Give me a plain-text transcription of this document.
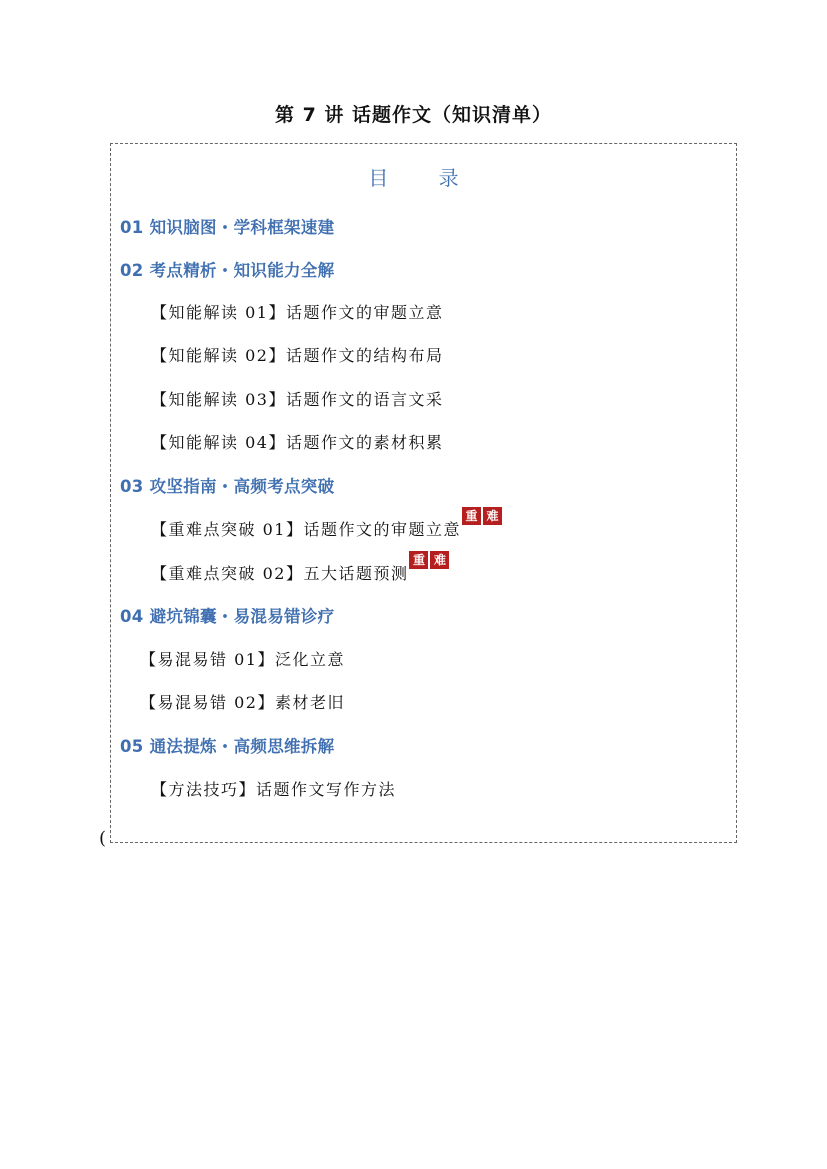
第 7 讲 话题作文（知识清单）
目 录
01 知识脑图・学科框架速建
02 考点精析・知识能力全解
【知能解读 01】话题作文的审题立意
【知能解读 02】话题作文的结构布局
【知能解读 03】话题作文的语言文采
【知能解读 04】话题作文的素材积累
03 攻坚指南・高频考点突破
【重难点突破 01】话题作文的审题立意
重 难
【重难点突破 02】五大话题预测
重 难
04 避坑锦囊・易混易错诊疗
【易混易错 01】泛化立意
【易混易错 02】素材老旧
05 通法提炼・高频思维拆解
【方法技巧】话题作文写作方法
(
